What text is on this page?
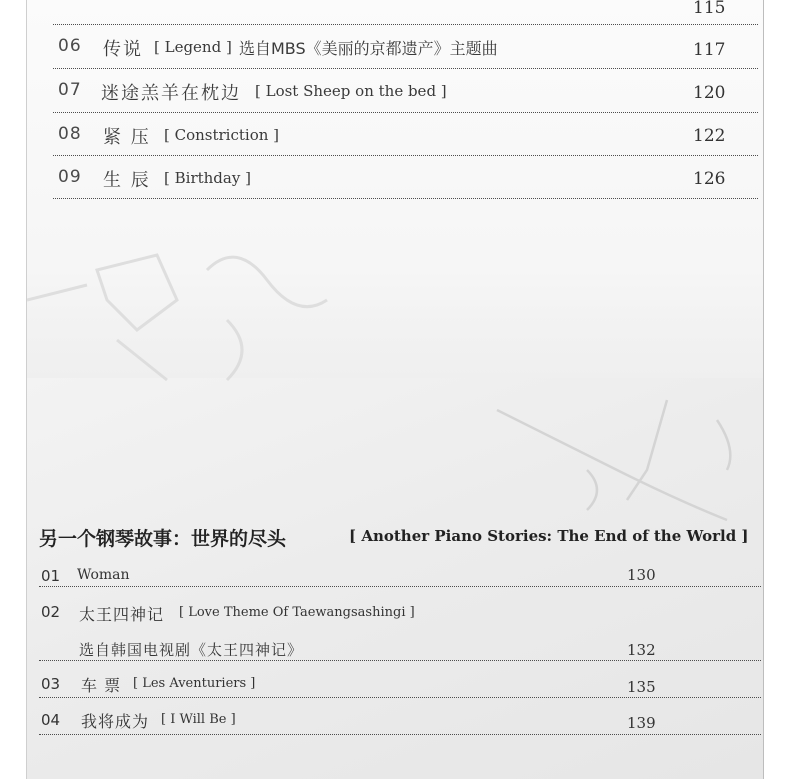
115
06 传说 [ Legend ] 选自MBS《美丽的京都遗产》主题曲	117
07 迷途羔羊在枕边 [ Lost Sheep on the bed ]	120
08 紧 压 [ Constriction ]	122
09 生 辰 [ Birthday ]	126
另一个钢琴故事：世界的尽头	[ Another Piano Stories: The End of the World ]
01 Woman	130
02 太王四神记 [ Love Theme Of Taewangsashingi ]
选自韩国电视剧《太王四神记》	132
03 车 票 [ Les Aventuriers ]	135
04 我将成为 [ I Will Be ]	139
